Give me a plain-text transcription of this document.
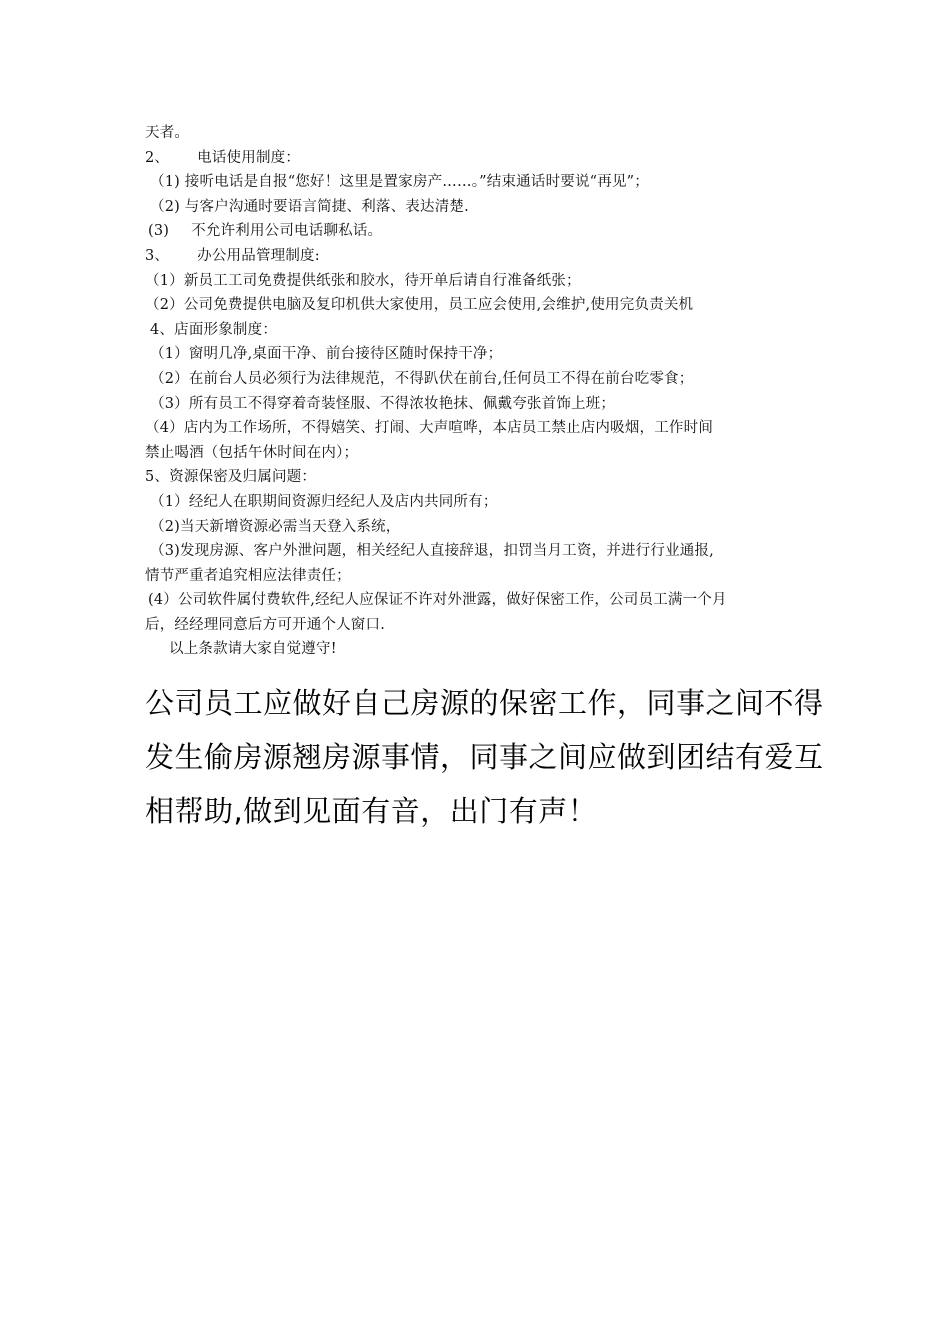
天者。
2、 电话使用制度：
（1) 接听电话是自报“您好！这里是置家房产……。”结束通话时要说“再见”；
（2) 与客户沟通时要语言简捷、利落、表达清楚.
(3) 不允许利用公司电话聊私话。
3、 办公用品管理制度:
（1）新员工工司免费提供纸张和胶水，待开单后请自行准备纸张；
（2）公司免费提供电脑及复印机供大家使用，员工应会使用,会维护,使用完负责关机
4、店面形象制度：
（1）窗明几净,桌面干净、前台接待区随时保持干净；
（2）在前台人员必须行为法律规范，不得趴伏在前台,任何员工不得在前台吃零食；
（3）所有员工不得穿着奇装怪服、不得浓妆艳抹、佩戴夸张首饰上班；
（4）店内为工作场所，不得嬉笑、打闹、大声喧哗，本店员工禁止店内吸烟，工作时间
禁止喝酒（包括午休时间在内）；
5、资源保密及归属问题：
（1）经纪人在职期间资源归经纪人及店内共同所有；
（2)当天新增资源必需当天登入系统，
（3)发现房源、客户外泄问题，相关经纪人直接辞退，扣罚当月工资，并进行行业通报,
情节严重者追究相应法律责任；
(4）公司软件属付费软件,经纪人应保证不许对外泄露，做好保密工作，公司员工满一个月
后，经经理同意后方可开通个人窗口.
以上条款请大家自觉遵守!
公司员工应做好自己房源的保密工作，同事之间不得
发生偷房源翘房源事情，同事之间应做到团结有爱互
相帮助,做到见面有音，出门有声！
